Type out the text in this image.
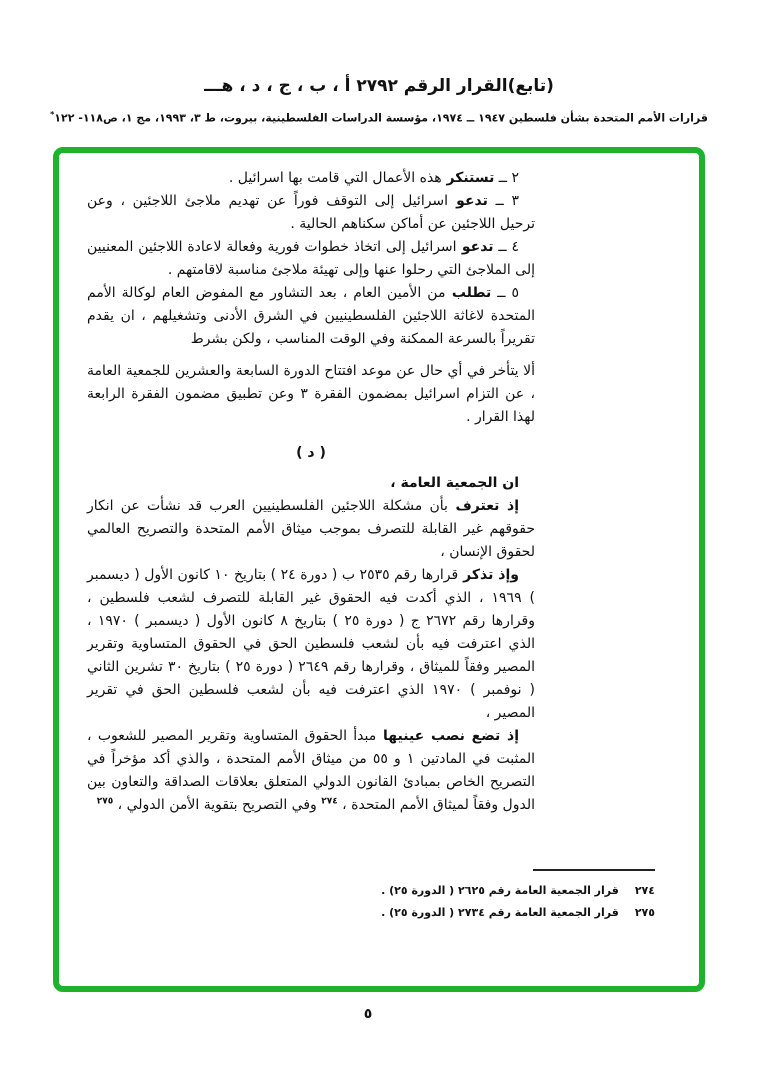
(تابع)القرار الرقم ٢٧٩٢ أ ، ب ، ج ، د ، هـــ
قرارات الأمم المتحدة بشأن فلسطين ١٩٤٧ ــ ١٩٧٤، مؤسسة الدراسات الفلسطينية، بيروت، ط ٣، ١٩٩٣، مج ١، ص١١٨- ١٢٢*

٢ ــ تستنكر هذه الأعمال التي قامت بها اسرائيل .

٣ ــ تدعو اسرائيل إلى التوقف فوراً عن تهديم ملاجئ اللاجئين ، وعن ترحيل اللاجئين عن أماكن سكناهم الحالية .

٤ ــ تدعو اسرائيل إلى اتخاذ خطوات فورية وفعالة لاعادة اللاجئين المعنيين إلى الملاجئ التي رحلوا عنها وإلى تهيئة ملاجئ مناسبة لاقامتهم .

٥ ــ تطلب من الأمين العام ، بعد التشاور مع المفوض العام لوكالة الأمم المتحدة لاغاثة اللاجئين الفلسطينيين في الشرق الأدنى وتشغيلهم ، ان يقدم تقريراً بالسرعة الممكنة وفي الوقت المناسب ، ولكن بشرط

ألا يتأخر في أي حال عن موعد افتتاح الدورة السابعة والعشرين للجمعية العامة ، عن التزام اسرائيل بمضمون الفقرة ٣ وعن تطبيق مضمون الفقرة الرابعة لهذا القرار .

( د )

ان الجمعية العامة ،

إذ تعترف بأن مشكلة اللاجئين الفلسطينيين العرب قد نشأت عن انكار حقوقهم غير القابلة للتصرف بموجب ميثاق الأمم المتحدة والتصريح العالمي لحقوق الإنسان ،

وإذ تذكر قرارها رقم ٢٥٣٥ ب ( دورة ٢٤ ) بتاريخ ١٠ كانون الأول ( ديسمبر ) ١٩٦٩ ، الذي أكدت فيه الحقوق غير القابلة للتصرف لشعب فلسطين ، وقرارها رقم ٢٦٧٢ ج ( دورة ٢٥ ) بتاريخ ٨ كانون الأول ( ديسمبر ) ١٩٧٠ ، الذي اعترفت فيه بأن لشعب فلسطين الحق في الحقوق المتساوية وتقرير المصير وفقاً للميثاق ، وقرارها رقم ٢٦٤٩ ( دورة ٢٥ ) بتاريخ ٣٠ تشرين الثاني ( نوفمبر ) ١٩٧٠ الذي اعترفت فيه بأن لشعب فلسطين الحق في تقرير المصير ،

إذ تضع نصب عينيها مبدأ الحقوق المتساوية وتقرير المصير للشعوب ، المثبت في المادتين ١ و ٥٥ من ميثاق الأمم المتحدة ، والذي أكد مؤخراً في التصريح الخاص بمبادئ القانون الدولي المتعلق بعلاقات الصداقة والتعاون بين الدول وفقاً لميثاق الأمم المتحدة ، $^{٢٧٤}$ وفي التصريح بتقوية الأمن الدولي ، $^{٢٧٥}$

٢٧٤
قرار الجمعية العامة رقم ٢٦٢٥ ( الدورة ٢٥) .
٢٧٥
قرار الجمعية العامة رقم ٢٧٣٤ ( الدورة ٢٥) .
٥
